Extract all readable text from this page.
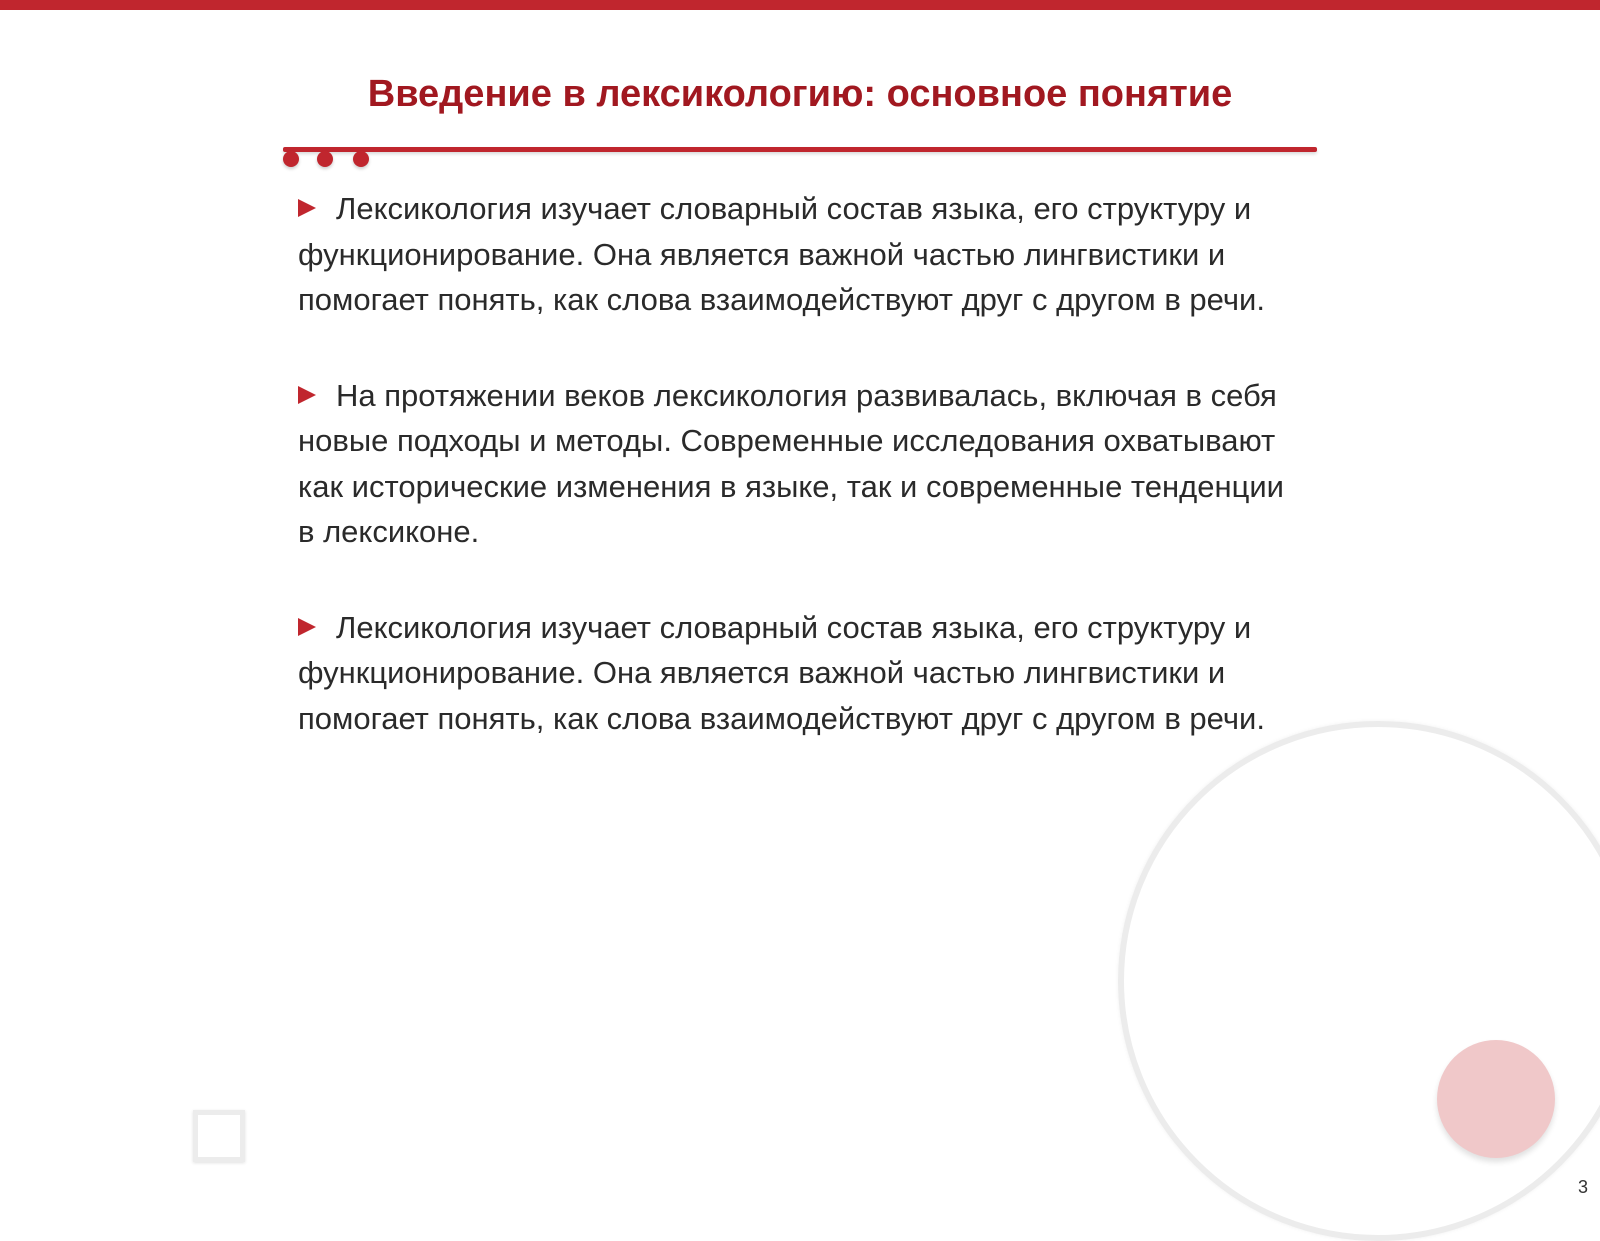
Введение в лексикологию: основное понятие

Лексикология изучает словарный состав языка, его структуру и функционирование. Она является важной частью лингвистики и помогает понять, как слова взаимодействуют друг с другом в речи.

На протяжении веков лексикология развивалась, включая в себя новые подходы и методы. Современные исследования охватывают как исторические изменения в языке, так и современные тенденции в лексиконе.

Лексикология изучает словарный состав языка, его структуру и функционирование. Она является важной частью лингвистики и помогает понять, как слова взаимодействуют друг с другом в речи.

3
